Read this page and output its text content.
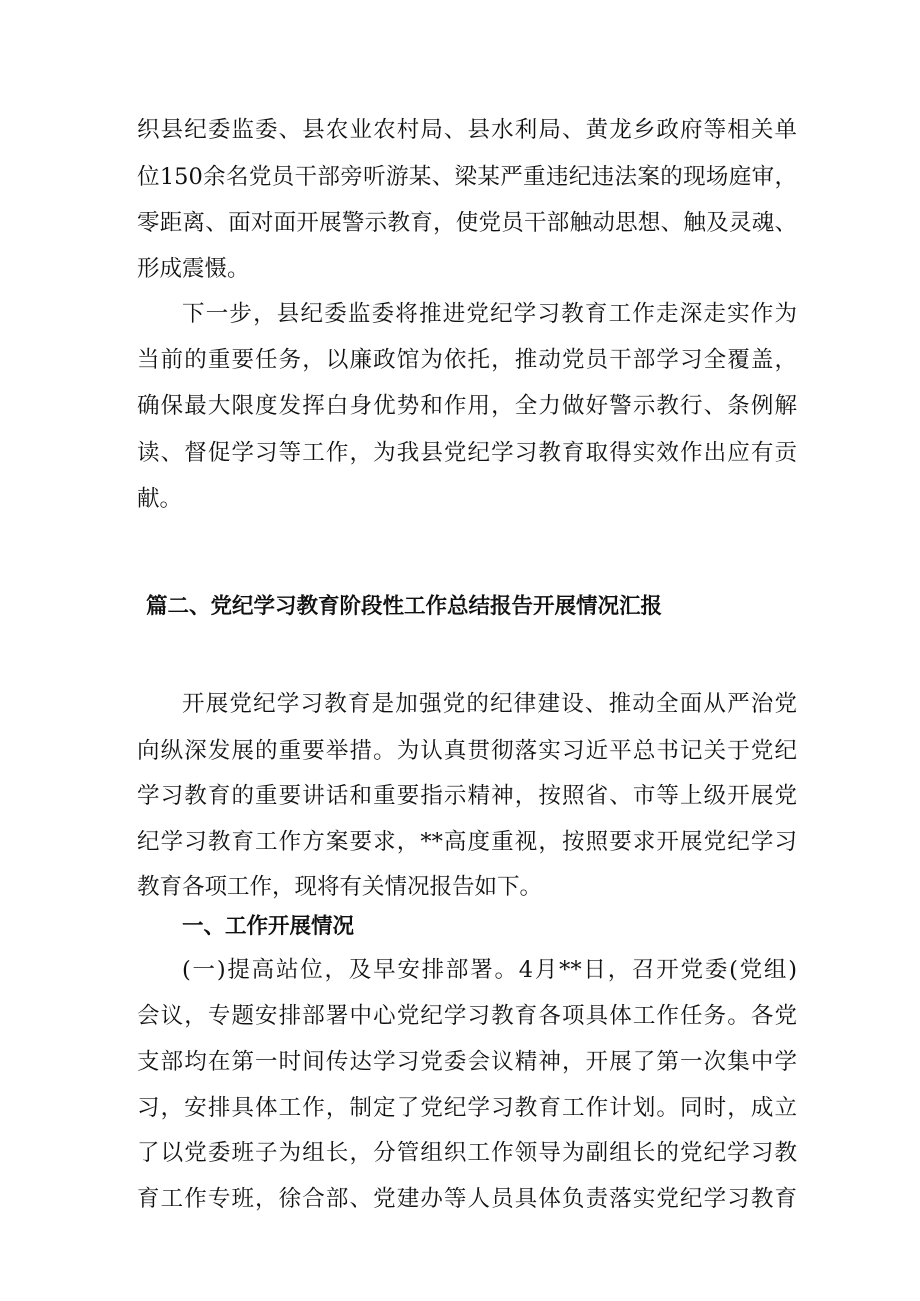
织县纪委监委、县农业农村局、县水利局、黄龙乡政府等相关单
位150余名党员干部旁听游某、梁某严重违纪违法案的现场庭审，
零距离、面对面开展警示教育，使党员干部触动思想、触及灵魂、
形成震慑。
下一步，县纪委监委将推进党纪学习教育工作走深走实作为
当前的重要任务，以廉政馆为依托，推动党员干部学习全覆盖，
确保最大限度发挥白身优势和作用，全力做好警示教行、条例解
读、督促学习等工作，为我县党纪学习教育取得实效作出应有贡
献。
篇二、党纪学习教育阶段性工作总结报告开展情况汇报
开展党纪学习教育是加强党的纪律建设、推动全面从严治党
向纵深发展的重要举措。为认真贯彻落实习近平总书记关于党纪
学习教育的重要讲话和重要指示精神，按照省、市等上级开展党
纪学习教育工作方案要求，**高度重视，按照要求开展党纪学习
教育各项工作，现将有关情况报告如下。
一、工作开展情况
(一)提高站位，及早安排部署。4月**日，召开党委(党组)
会议，专题安排部署中心党纪学习教育各项具体工作任务。各党
支部均在第一时间传达学习党委会议精神，开展了第一次集中学
习，安排具体工作，制定了党纪学习教育工作计划。同时，成立
了以党委班子为组长，分管组织工作领导为副组长的党纪学习教
育工作专班，徐合部、党建办等人员具体负责落实党纪学习教育
